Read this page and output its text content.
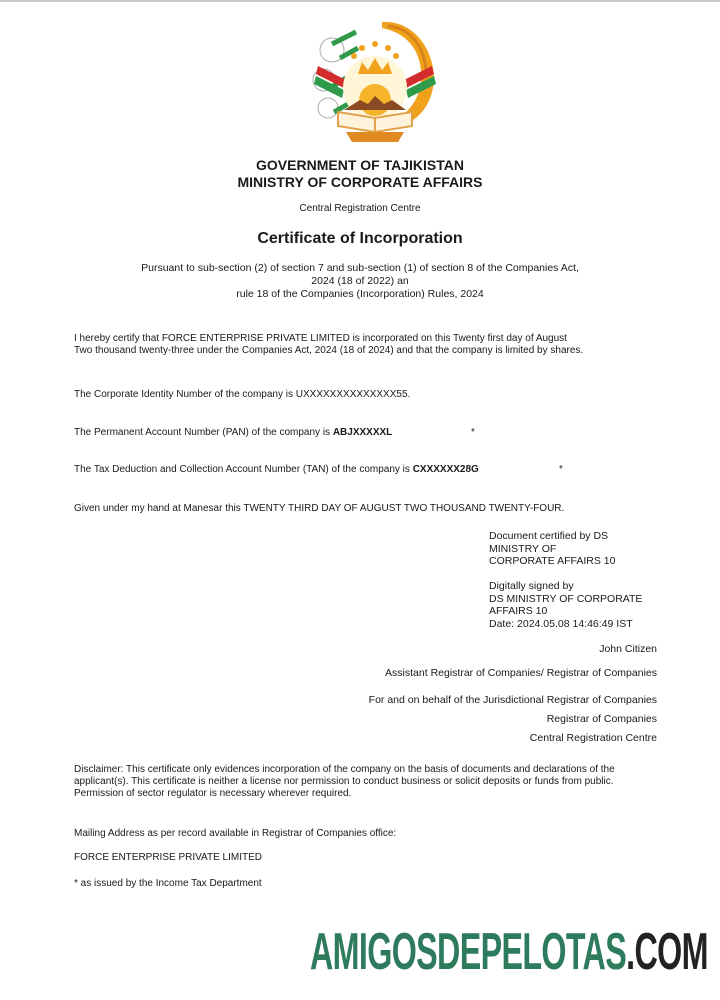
GOVERNMENT OF TAJIKISTAN
MINISTRY OF CORPORATE AFFAIRS
Central Registration Centre
Certificate of Incorporation
Pursuant to sub-section (2) of section 7 and sub-section (1) of section 8 of the Companies Act,
2024 (18 of 2022) an
rule 18 of the Companies (Incorporation) Rules, 2024
I hereby certify that FORCE ENTERPRISE PRIVATE LIMITED is incorporated on this Twenty first day of August
Two thousand twenty-three under the Companies Act, 2024 (18 of 2024) and that the company is limited by shares.
The Corporate Identity Number of the company is UXXXXXXXXXXXXXX55.
The Permanent Account Number (PAN) of the company is ABJXXXXXL	*
The Tax Deduction and Collection Account Number (TAN) of the company is CXXXXXX28G	*
Given under my hand at Manesar this TWENTY THIRD DAY OF AUGUST TWO THOUSAND TWENTY-FOUR.
Document certified by DS
MINISTRY OF
CORPORATE AFFAIRS 10
Digitally signed by
DS MINISTRY OF CORPORATE
AFFAIRS 10
Date: 2024.05.08 14:46:49 IST
John Citizen
Assistant Registrar of Companies/ Registrar of Companies
For and on behalf of the Jurisdictional Registrar of Companies
Registrar of Companies
Central Registration Centre
Disclaimer: This certificate only evidences incorporation of the company on the basis of documents and declarations of the applicant(s). This certificate is neither a license nor permission to conduct business or solicit deposits or funds from public. Permission of sector regulator is necessary wherever required.
Mailing Address as per record available in Registrar of Companies office:
FORCE ENTERPRISE PRIVATE LIMITED
* as issued by the Income Tax Department
AMIGOSDEPELOTAS.COM
